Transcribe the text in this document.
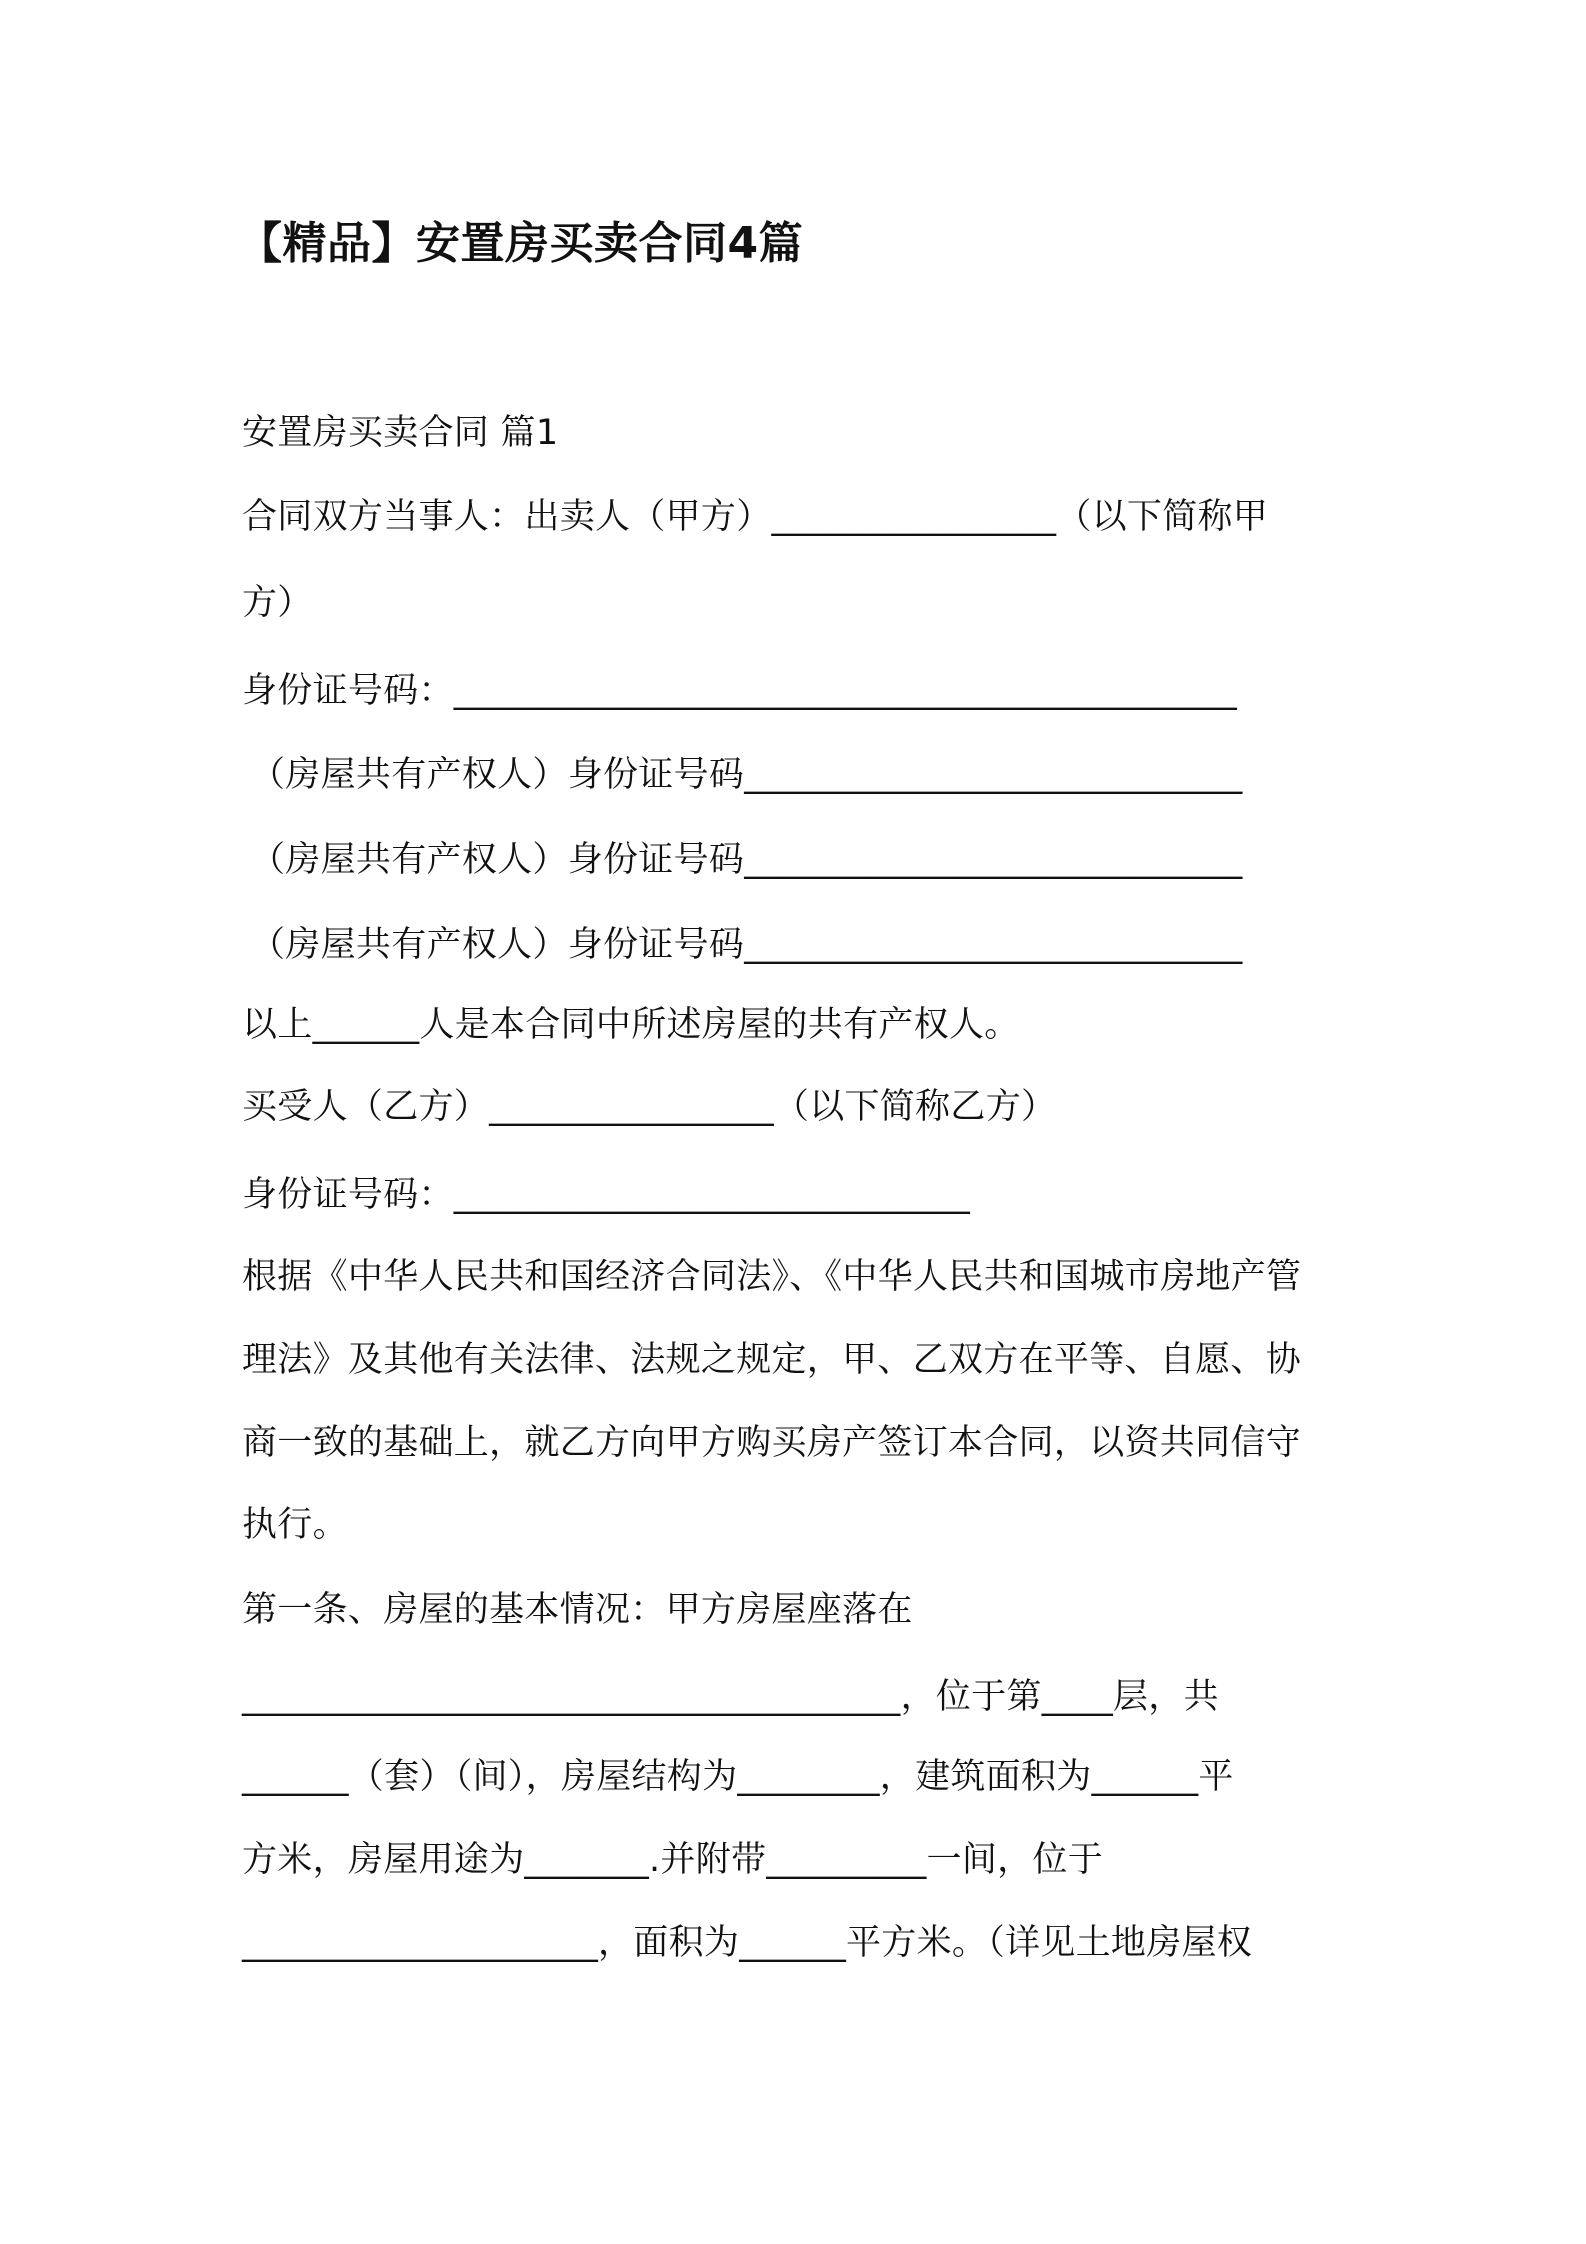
【精品】安置房买卖合同4篇
安置房买卖合同 篇1
合同双方当事人：出卖人（甲方）________________（以下简称甲
方）
身份证号码：____________________________________________
（房屋共有产权人）身份证号码____________________________
（房屋共有产权人）身份证号码____________________________
（房屋共有产权人）身份证号码____________________________
以上______人是本合同中所述房屋的共有产权人。
买受人（乙方）________________（以下简称乙方）
身份证号码：_____________________________
根据《中华人民共和国经济合同法》、《中华人民共和国城市房地产管
理法》及其他有关法律、法规之规定，甲、乙双方在平等、自愿、协
商一致的基础上，就乙方向甲方购买房产签订本合同，以资共同信守
执行。
第一条、房屋的基本情况：甲方房屋座落在
_____________________________________，位于第____层，共
______（套）（间），房屋结构为________，建筑面积为______平
方米，房屋用途为_______.并附带_________一间，位于
____________________，面积为______平方米。（详见土地房屋权
